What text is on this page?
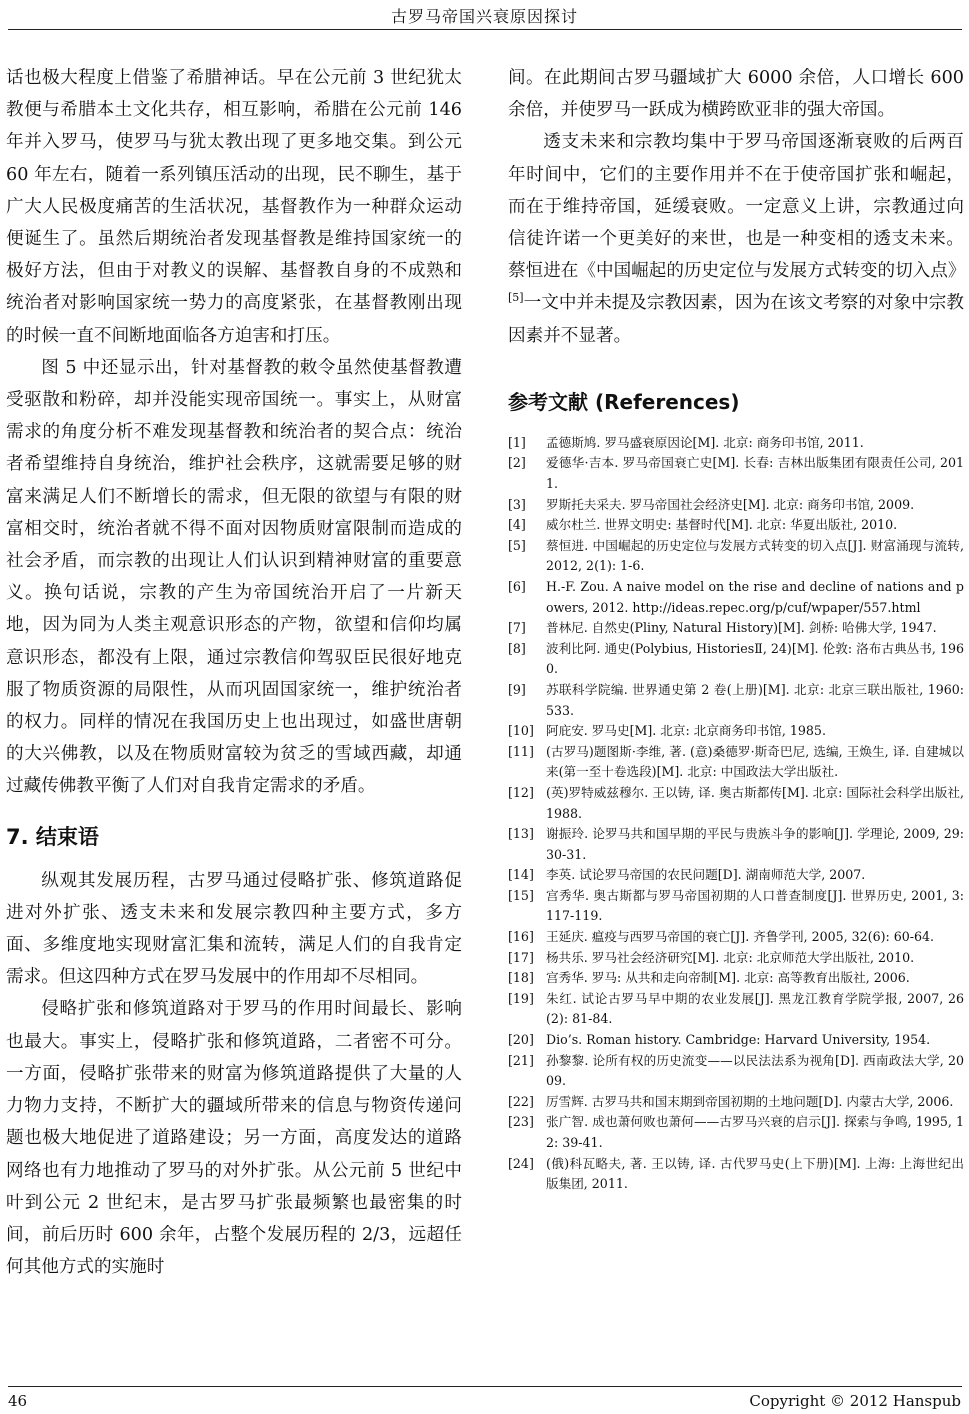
古罗马帝国兴衰原因探讨

话也极大程度上借鉴了希腊神话。早在公元前 3 世纪犹太教便与希腊本土文化共存，相互影响，希腊在公元前 146 年并入罗马，使罗马与犹太教出现了更多地交集。到公元 60 年左右，随着一系列镇压活动的出现，民不聊生，基于广大人民极度痛苦的生活状况，基督教作为一种群众运动便诞生了。虽然后期统治者发现基督教是维持国家统一的极好方法，但由于对教义的误解、基督教自身的不成熟和统治者对影响国家统一势力的高度紧张，在基督教刚出现的时候一直不间断地面临各方迫害和打压。

图 5 中还显示出，针对基督教的敕令虽然使基督教遭受驱散和粉碎，却并没能实现帝国统一。事实上，从财富需求的角度分析不难发现基督教和统治者的契合点：统治者希望维持自身统治，维护社会秩序，这就需要足够的财富来满足人们不断增长的需求，但无限的欲望与有限的财富相交时，统治者就不得不面对因物质财富限制而造成的社会矛盾，而宗教的出现让人们认识到精神财富的重要意义。换句话说，宗教的产生为帝国统治开启了一片新天地，因为同为人类主观意识形态的产物，欲望和信仰均属意识形态，都没有上限，通过宗教信仰驾驭臣民很好地克服了物质资源的局限性，从而巩固国家统一，维护统治者的权力。同样的情况在我国历史上也出现过，如盛世唐朝的大兴佛教，以及在物质财富较为贫乏的雪域西藏，却通过藏传佛教平衡了人们对自我肯定需求的矛盾。

7. 结束语

纵观其发展历程，古罗马通过侵略扩张、修筑道路促进对外扩张、透支未来和发展宗教四种主要方式，多方面、多维度地实现财富汇集和流转，满足人们的自我肯定需求。但这四种方式在罗马发展中的作用却不尽相同。

侵略扩张和修筑道路对于罗马的作用时间最长、影响也最大。事实上，侵略扩张和修筑道路，二者密不可分。一方面，侵略扩张带来的财富为修筑道路提供了大量的人力物力支持，不断扩大的疆域所带来的信息与物资传递问题也极大地促进了道路建设；另一方面，高度发达的道路网络也有力地推动了罗马的对外扩张。从公元前 5 世纪中叶到公元 2 世纪末，是古罗马扩张最频繁也最密集的时间，前后历时 600 余年，占整个发展历程的 2/3，远超任何其他方式的实施时

间。在此期间古罗马疆域扩大 6000 余倍，人口增长 600 余倍，并使罗马一跃成为横跨欧亚非的强大帝国。

透支未来和宗教均集中于罗马帝国逐渐衰败的后两百年时间中，它们的主要作用并不在于使帝国扩张和崛起，而在于维持帝国，延缓衰败。一定意义上讲，宗教通过向信徒许诺一个更美好的来世，也是一种变相的透支未来。蔡恒进在《中国崛起的历史定位与发展方式转变的切入点》[5]一文中并未提及宗教因素，因为在该文考察的对象中宗教因素并不显著。

参考文献 (References)
[1]	孟德斯鸠. 罗马盛衰原因论[M]. 北京: 商务印书馆, 2011.
[2]	爱德华·吉本. 罗马帝国衰亡史[M]. 长春: 吉林出版集团有限责任公司, 2011.
[3]	罗斯托夫采夫. 罗马帝国社会经济史[M]. 北京: 商务印书馆, 2009.
[4]	威尔杜兰. 世界文明史: 基督时代[M]. 北京: 华夏出版社, 2010.
[5]	蔡恒进. 中国崛起的历史定位与发展方式转变的切入点[J]. 财富涌现与流转, 2012, 2(1): 1-6.
[6]	H.-F. Zou. A naive model on the rise and decline of nations and powers, 2012. http://ideas.repec.org/p/cuf/wpaper/557.html
[7]	普林尼. 自然史(Pliny, Natural History)[M]. 剑桥: 哈佛大学, 1947.
[8]	波利比阿. 通史(Polybius, HistoriesⅡ, 24)[M]. 伦敦: 洛布古典丛书, 1960.
[9]	苏联科学院编. 世界通史第 2 卷(上册)[M]. 北京: 北京三联出版社, 1960: 533.
[10] 阿庇安. 罗马史[M]. 北京: 北京商务印书馆, 1985.
[11] (古罗马)题图斯·李维, 著. (意)桑德罗·斯奇巴尼, 选编, 王焕生, 译. 自建城以来(第一至十卷选段)[M]. 北京: 中国政法大学出版社.
[12] (英)罗特威兹穆尔. 王以铸, 译. 奥古斯都传[M]. 北京: 国际社会科学出版社, 1988.
[13] 谢振玲. 论罗马共和国早期的平民与贵族斗争的影响[J]. 学理论, 2009, 29: 30-31.
[14] 李英. 试论罗马帝国的农民问题[D]. 湖南师范大学, 2007.
[15] 宫秀华. 奥古斯都与罗马帝国初期的人口普查制度[J]. 世界历史, 2001, 3: 117-119.
[16] 王延庆. 瘟疫与西罗马帝国的衰亡[J]. 齐鲁学刊, 2005, 32(6): 60-64.
[17] 杨共乐. 罗马社会经济研究[M]. 北京: 北京师范大学出版社, 2010.
[18] 宫秀华. 罗马: 从共和走向帝制[M]. 北京: 高等教育出版社, 2006.
[19] 朱红. 试论古罗马早中期的农业发展[J]. 黑龙江教育学院学报, 2007, 26(2): 81-84.
[20] Dio’s. Roman history. Cambridge: Harvard University, 1954.
[21] 孙黎黎. 论所有权的历史流变——以民法法系为视角[D]. 西南政法大学, 2009.
[22] 厉雪辉. 古罗马共和国末期到帝国初期的土地问题[D]. 内蒙古大学, 2006.
[23] 张广智. 成也萧何败也萧何——古罗马兴衰的启示[J]. 探索与争鸣, 1995, 12: 39-41.
[24] (俄)科瓦略夫, 著. 王以铸, 译. 古代罗马史(上下册)[M]. 上海: 上海世纪出版集团, 2011.
46	Copyright © 2012 Hanspub
